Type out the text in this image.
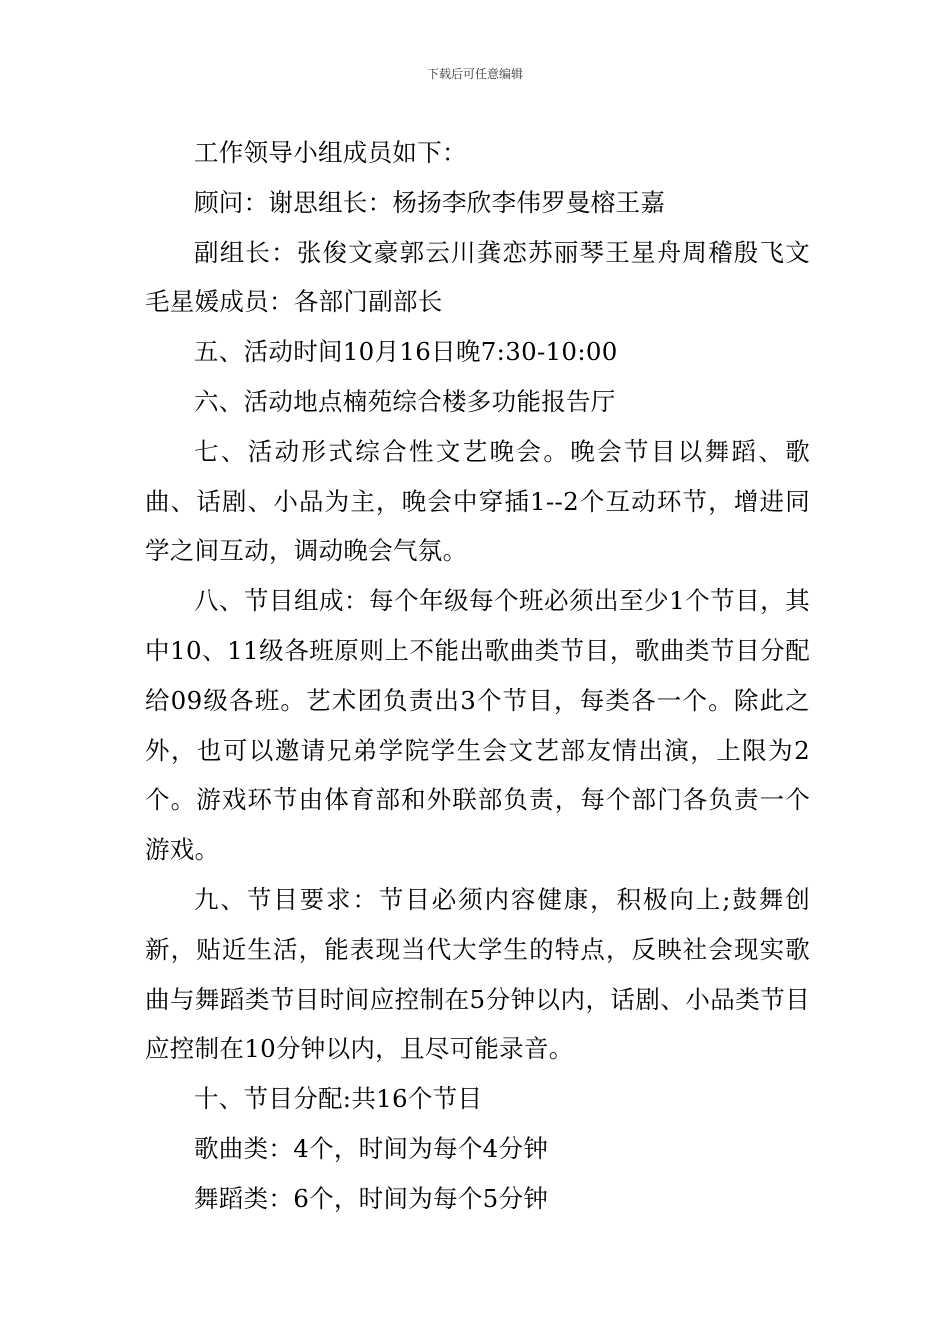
下载后可任意编辑

工作领导小组成员如下：

顾问：谢思组长：杨扬李欣李伟罗曼榕王嘉

副组长：张俊文豪郭云川龚恋苏丽琴王星舟周稽殷飞文毛星媛成员：各部门副部长

五、活动时间10月16日晚7:30-10:00

六、活动地点楠苑综合楼多功能报告厅

七、活动形式综合性文艺晚会。晚会节目以舞蹈、歌曲、话剧、小品为主，晚会中穿插1--2个互动环节，增进同学之间互动，调动晚会气氛。

八、节目组成：每个年级每个班必须出至少1个节目，其中10、11级各班原则上不能出歌曲类节目，歌曲类节目分配给09级各班。艺术团负责出3个节目，每类各一个。除此之外，也可以邀请兄弟学院学生会文艺部友情出演，上限为2个。游戏环节由体育部和外联部负责，每个部门各负责一个游戏。

九、节目要求：节目必须内容健康，积极向上;鼓舞创新，贴近生活，能表现当代大学生的特点，反映社会现实歌曲与舞蹈类节目时间应控制在5分钟以内，话剧、小品类节目应控制在10分钟以内，且尽可能录音。

十、节目分配:共16个节目

歌曲类：4个，时间为每个4分钟

舞蹈类：6个，时间为每个5分钟
